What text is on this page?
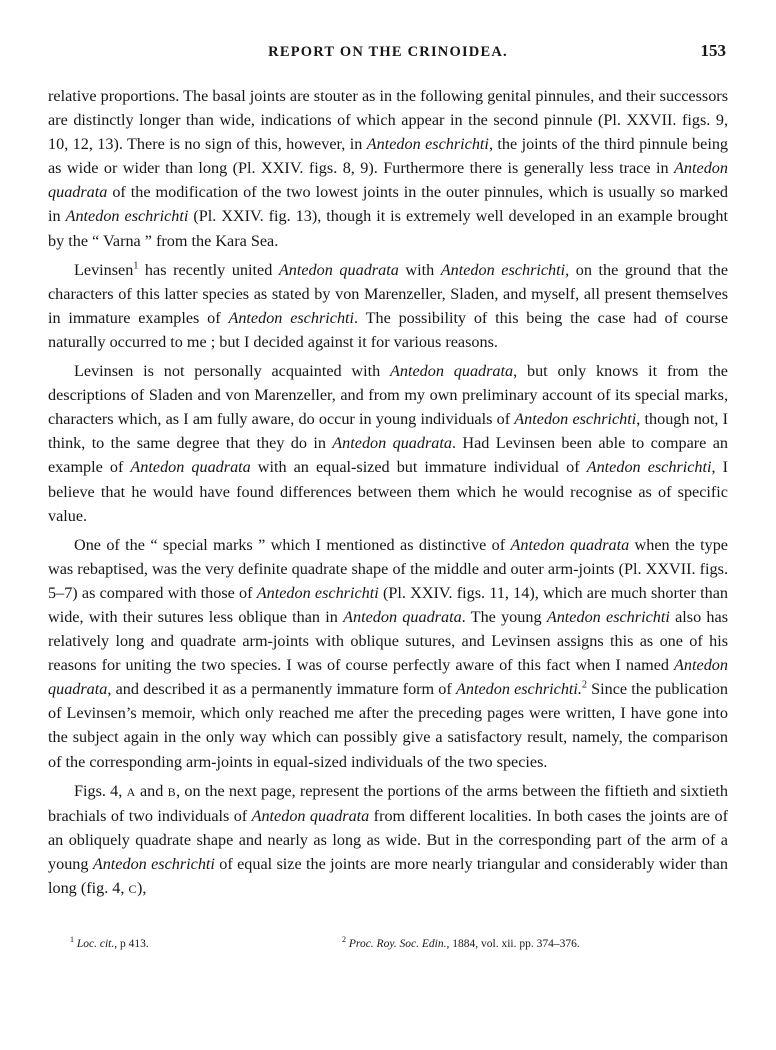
REPORT ON THE CRINOIDEA.	153

relative proportions. The basal joints are stouter as in the following genital pinnules, and their successors are distinctly longer than wide, indications of which appear in the second pinnule (Pl. XXVII. figs. 9, 10, 12, 13). There is no sign of this, however, in Antedon eschrichti, the joints of the third pinnule being as wide or wider than long (Pl. XXIV. figs. 8, 9). Furthermore there is generally less trace in Antedon quadrata of the modification of the two lowest joints in the outer pinnules, which is usually so marked in Antedon eschrichti (Pl. XXIV. fig. 13), though it is extremely well developed in an example brought by the “ Varna ” from the Kara Sea.

Levinsen$^1$ has recently united Antedon quadrata with Antedon eschrichti, on the ground that the characters of this latter species as stated by von Marenzeller, Sladen, and myself, all present themselves in immature examples of Antedon eschrichti. The possibility of this being the case had of course naturally occurred to me ; but I decided against it for various reasons.

Levinsen is not personally acquainted with Antedon quadrata, but only knows it from the descriptions of Sladen and von Marenzeller, and from my own preliminary account of its special marks, characters which, as I am fully aware, do occur in young individuals of Antedon eschrichti, though not, I think, to the same degree that they do in Antedon quadrata. Had Levinsen been able to compare an example of Antedon quadrata with an equal-sized but immature individual of Antedon eschrichti, I believe that he would have found differences between them which he would recognise as of specific value.

One of the “ special marks ” which I mentioned as distinctive of Antedon quadrata when the type was rebaptised, was the very definite quadrate shape of the middle and outer arm-joints (Pl. XXVII. figs. 5–7) as compared with those of Antedon eschrichti (Pl. XXIV. figs. 11, 14), which are much shorter than wide, with their sutures less oblique than in Antedon quadrata. The young Antedon eschrichti also has relatively long and quadrate arm-joints with oblique sutures, and Levinsen assigns this as one of his reasons for uniting the two species. I was of course perfectly aware of this fact when I named Antedon quadrata, and described it as a permanently immature form of Antedon eschrichti.$^2$ Since the publication of Levinsen’s memoir, which only reached me after the preceding pages were written, I have gone into the subject again in the only way which can possibly give a satisfactory result, namely, the comparison of the corresponding arm-joints in equal-sized individuals of the two species.

Figs. 4, A and B, on the next page, represent the portions of the arms between the fiftieth and sixtieth brachials of two individuals of Antedon quadrata from different localities. In both cases the joints are of an obliquely quadrate shape and nearly as long as wide. But in the corresponding part of the arm of a young Antedon eschrichti of equal size the joints are more nearly triangular and considerably wider than long (fig. 4, C),

$^1$ Loc. cit., p 413.	$^2$ Proc. Roy. Soc. Edin., 1884, vol. xii. pp. 374–376.
